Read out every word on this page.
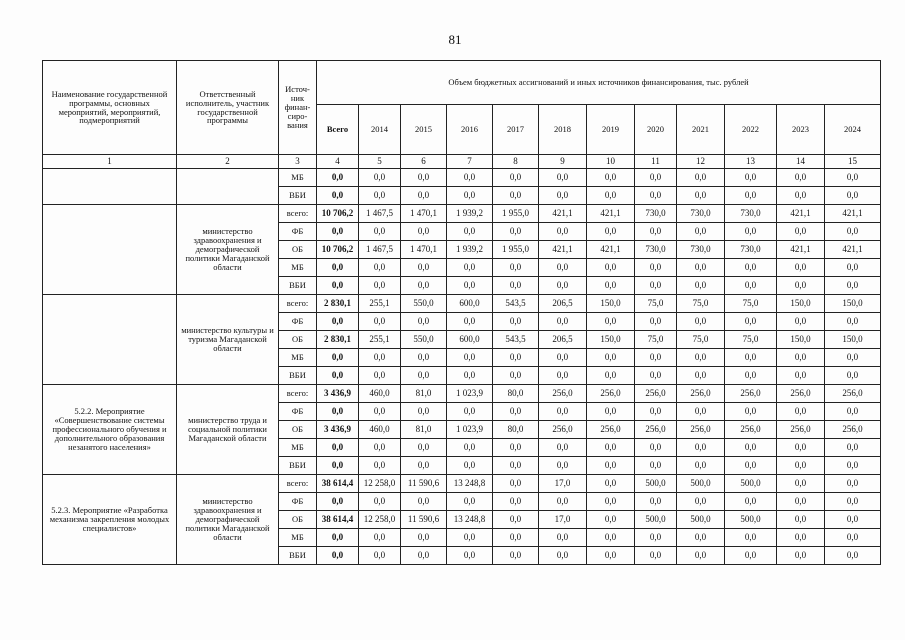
81
Наименование государственной программы, основных мероприятий, мероприятий, подмероприятий	Ответственный исполнитель, участник государственной программы	Источ-ник финан-сиро-вания	Объем бюджетных ассигнований и иных источников финансирования, тыс. рублей											
			Всего	2014	2015	2016	2017	2018	2019	2020	2021	2022	2023	2024
1	2	3	4	5	6	7	8	9	10	11	12	13	14	15
		МБ	0,0	0,0	0,0	0,0	0,0	0,0	0,0	0,0	0,0	0,0	0,0	0,0
		ВБИ	0,0	0,0	0,0	0,0	0,0	0,0	0,0	0,0	0,0	0,0	0,0	0,0
	министерство здравоохранения и демографической политики Магаданской области	всего:	10 706,2	1 467,5	1 470,1	1 939,2	1 955,0	421,1	421,1	730,0	730,0	730,0	421,1	421,1
		ФБ	0,0	0,0	0,0	0,0	0,0	0,0	0,0	0,0	0,0	0,0	0,0	0,0
		ОБ	10 706,2	1 467,5	1 470,1	1 939,2	1 955,0	421,1	421,1	730,0	730,0	730,0	421,1	421,1
		МБ	0,0	0,0	0,0	0,0	0,0	0,0	0,0	0,0	0,0	0,0	0,0	0,0
		ВБИ	0,0	0,0	0,0	0,0	0,0	0,0	0,0	0,0	0,0	0,0	0,0	0,0
	министерство культуры и туризма Магаданской области	всего:	2 830,1	255,1	550,0	600,0	543,5	206,5	150,0	75,0	75,0	75,0	150,0	150,0
		ФБ	0,0	0,0	0,0	0,0	0,0	0,0	0,0	0,0	0,0	0,0	0,0	0,0
		ОБ	2 830,1	255,1	550,0	600,0	543,5	206,5	150,0	75,0	75,0	75,0	150,0	150,0
		МБ	0,0	0,0	0,0	0,0	0,0	0,0	0,0	0,0	0,0	0,0	0,0	0,0
		ВБИ	0,0	0,0	0,0	0,0	0,0	0,0	0,0	0,0	0,0	0,0	0,0	0,0
5.2.2. Мероприятие «Совершенствование системы профессионального обучения и дополнительного образования незанятого населения»	министерство труда и социальной политики Магаданской области	всего:	3 436,9	460,0	81,0	1 023,9	80,0	256,0	256,0	256,0	256,0	256,0	256,0	256,0
		ФБ	0,0	0,0	0,0	0,0	0,0	0,0	0,0	0,0	0,0	0,0	0,0	0,0
		ОБ	3 436,9	460,0	81,0	1 023,9	80,0	256,0	256,0	256,0	256,0	256,0	256,0	256,0
		МБ	0,0	0,0	0,0	0,0	0,0	0,0	0,0	0,0	0,0	0,0	0,0	0,0
		ВБИ	0,0	0,0	0,0	0,0	0,0	0,0	0,0	0,0	0,0	0,0	0,0	0,0
5.2.3. Мероприятие «Разработка механизма закрепления молодых специалистов»	министерство здравоохранения и демографической политики Магаданской области	всего:	38 614,4	12 258,0	11 590,6	13 248,8	0,0	17,0	0,0	500,0	500,0	500,0	0,0	0,0
		ФБ	0,0	0,0	0,0	0,0	0,0	0,0	0,0	0,0	0,0	0,0	0,0	0,0
		ОБ	38 614,4	12 258,0	11 590,6	13 248,8	0,0	17,0	0,0	500,0	500,0	500,0	0,0	0,0
		МБ	0,0	0,0	0,0	0,0	0,0	0,0	0,0	0,0	0,0	0,0	0,0	0,0
		ВБИ	0,0	0,0	0,0	0,0	0,0	0,0	0,0	0,0	0,0	0,0	0,0	0,0
